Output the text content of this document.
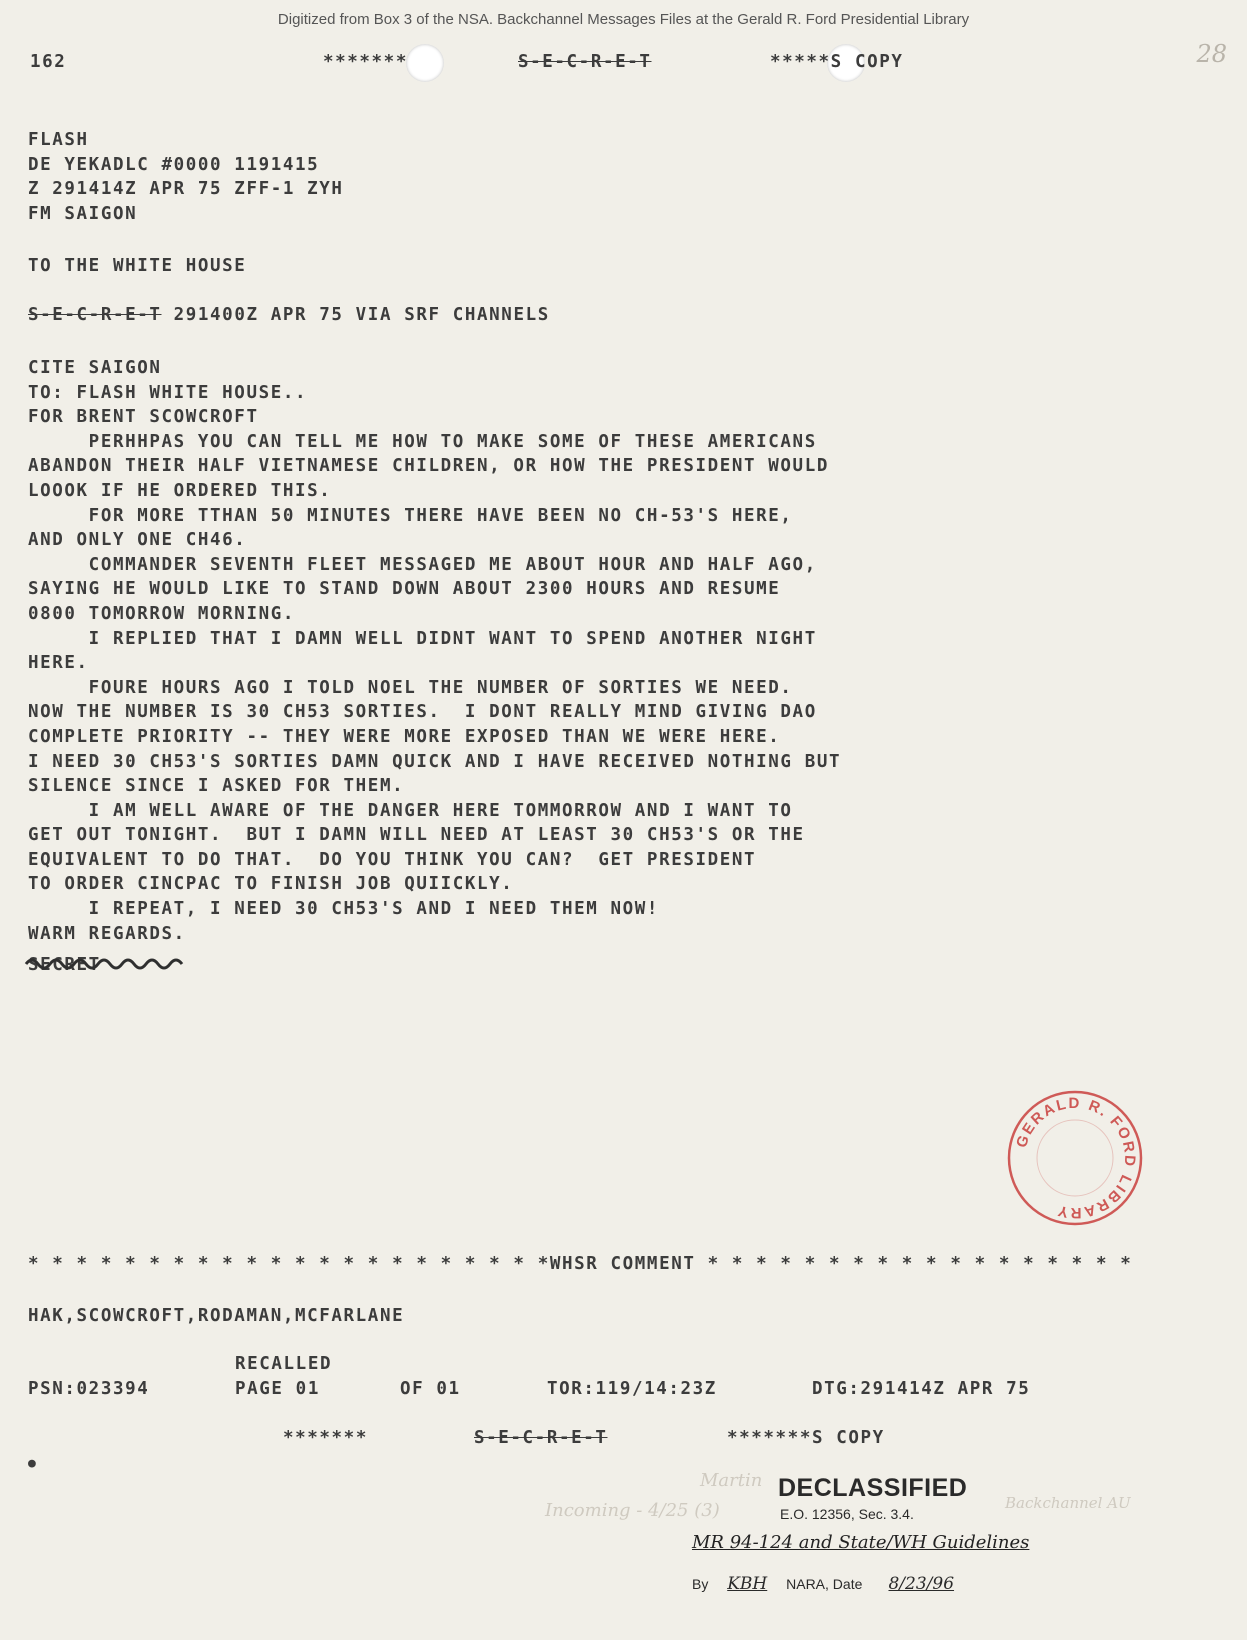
Digitized from Box 3 of the NSA. Backchannel Messages Files at the Gerald R. Ford Presidential Library
28
162	*******	S-E-C-R-E-T	*****S COPY
FLASH
DE YEKADLC #0000 1191415
Z 291414Z APR 75 ZFF-1 ZYH
FM SAIGON
TO THE WHITE HOUSE
S-E-C-R-E-T 291400Z APR 75 VIA SRF CHANNELS
CITE SAIGON
TO: FLASH WHITE HOUSE..
FOR BRENT SCOWCROFT
PERHHPAS YOU CAN TELL ME HOW TO MAKE SOME OF THESE AMERICANS
ABANDON THEIR HALF VIETNAMESE CHILDREN, OR HOW THE PRESIDENT WOULD
LOOOK IF HE ORDERED THIS.
FOR MORE TTHAN 50 MINUTES THERE HAVE BEEN NO CH-53'S HERE,
AND ONLY ONE CH46.
COMMANDER SEVENTH FLEET MESSAGED ME ABOUT HOUR AND HALF AGO,
SAYING HE WOULD LIKE TO STAND DOWN ABOUT 2300 HOURS AND RESUME
0800 TOMORROW MORNING.
I REPLIED THAT I DAMN WELL DIDNT WANT TO SPEND ANOTHER NIGHT
HERE.
FOURE HOURS AGO I TOLD NOEL THE NUMBER OF SORTIES WE NEED.
NOW THE NUMBER IS 30 CH53 SORTIES.  I DONT REALLY MIND GIVING DAO
COMPLETE PRIORITY -- THEY WERE MORE EXPOSED THAN WE WERE HERE.
I NEED 30 CH53'S SORTIES DAMN QUICK AND I HAVE RECEIVED NOTHING BUT
SILENCE SINCE I ASKED FOR THEM.
I AM WELL AWARE OF THE DANGER HERE TOMMORROW AND I WANT TO
GET OUT TONIGHT.  BUT I DAMN WILL NEED AT LEAST 30 CH53'S OR THE
EQUIVALENT TO DO THAT.  DO YOU THINK YOU CAN?  GET PRESIDENT
TO ORDER CINCPAC TO FINISH JOB QUIICKLY.
I REPEAT, I NEED 30 CH53'S AND I NEED THEM NOW!
WARM REGARDS.
SECRET
GERALD R. FORD LIBRARY
* * * * * * * * * * * * * * * * * * * * * *WHSR COMMENT * * * * * * * * * * * * * * * * * *
HAK,SCOWCROFT,RODAMAN,MCFARLANE
RECALLED
PSN:023394	PAGE 01	OF 01	TOR:119/14:23Z	DTG:291414Z APR 75
*******	S-E-C-R-E-T	*******S COPY
●
Martin
Incoming - 4/25 (3)	Backchannel AU
DECLASSIFIED
E.O. 12356, Sec. 3.4.
MR 94-124 and State/WH Guidelines
By KBH NARA, Date 8/23/96
